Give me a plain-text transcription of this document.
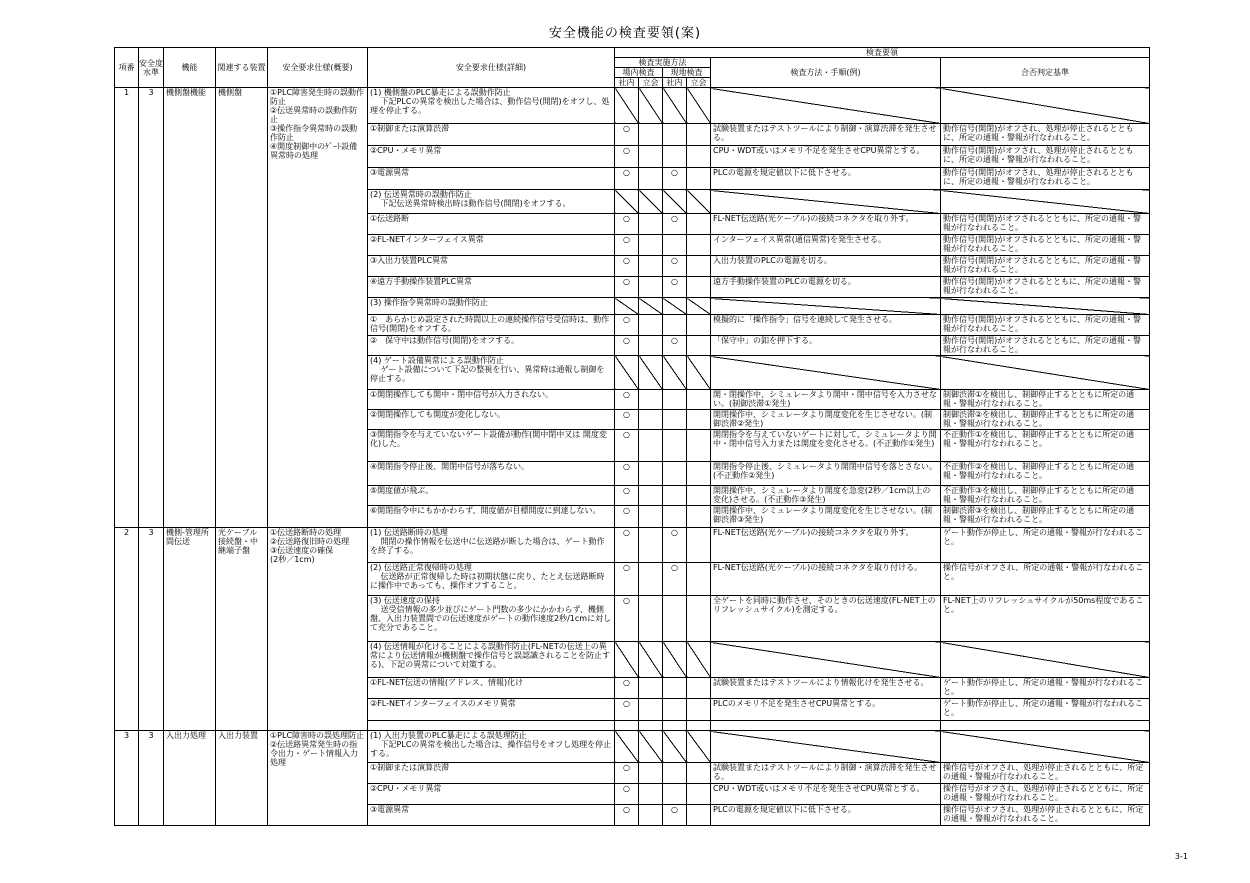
安全機能の検査要領(案)
項番	安全度水準	機能	関連する装置	安全要求仕様(概要)	安全要求仕様(詳細)	検査要領					
						検査実施方法				検査方法・手順(例)	合否判定基準
						場内検査		現地検査			
						社内	立会	社内	立会		
1	3	機側盤機能	機側盤	①PLC障害発生時の誤動作防止
②伝送異常時の誤動作防止
③操作指令異常時の誤動作防止
④開度制御中のｹﾞｰﾄ設備異常時の処理	(1) 機側盤のPLC暴走による誤動作防止
　 下記PLCの異常を検出した場合は、動作信号(開閉)をオフし、処理を停止する。						
					①制御または演算渋滞	○				試験装置またはテストツールにより制御・演算渋滞を発生させる。	動作信号(開閉)がオフされ、処理が停止されるとともに、所定の通報・警報が行なわれること。
					②CPU・メモリ異常	○				CPU・WDT或いはメモリ不足を発生させCPU異常とする。	動作信号(開閉)がオフされ、処理が停止されるとともに、所定の通報・警報が行なわれること。
					③電源異常	○		○		PLCの電源を規定値以下に低下させる。	動作信号(開閉)がオフされ、処理が停止されるとともに、所定の通報・警報が行なわれること。
					(2) 伝送異常時の誤動作防止
　 下記伝送異常時検出時は動作信号(開閉)をオフする。						
					①伝送路断	○		○		FL-NET伝送路(光ケーブル)の接続コネクタを取り外す。	動作信号(開閉)がオフされるとともに、所定の通報・警報が行なわれること。
					②FL-NETインターフェイス異常	○				インターフェイス異常(通信異常)を発生させる。	動作信号(開閉)がオフされるとともに、所定の通報・警報が行なわれること。
					③入出力装置PLC異常	○		○		入出力装置のPLCの電源を切る。	動作信号(開閉)がオフされるとともに、所定の通報・警報が行なわれること。
					④遠方手動操作装置PLC異常	○		○		遠方手動操作装置のPLCの電源を切る。	動作信号(開閉)がオフされるとともに、所定の通報・警報が行なわれること。
					(3) 操作指令異常時の誤動作防止						
					①　あらかじめ設定された時間以上の連続操作信号受信時は、動作信号(開閉)をオフする。	○				模擬的に「操作指令」信号を連続して発生させる。	動作信号(開閉)がオフされるとともに、所定の通報・警報が行なわれること。
					②　保守中は動作信号(開閉)をオフする。	○		○		「保守中」の釦を押下する。	動作信号(開閉)がオフされるとともに、所定の通報・警報が行なわれること。
					(4) ゲート設備異常による誤動作防止
　 ゲート設備について下記の整視を行い、異常時は通報し制御を停止する。						
					①開閉操作しても開中・閉中信号が入力されない。	○				開・閉操作中、シミュレータより開中・閉中信号を入力させない。(制御渋滞①発生)	制御渋滞①を検出し、制御停止するとともに所定の通報・警報が行なわれること。
					②開閉操作しても開度が変化しない。	○				開閉操作中、シミュレータより開度変化を生じさせない。(制御渋滞②発生)	制御渋滞②を検出し、制御停止するとともに所定の通報・警報が行なわれること。
					③開閉指令を与えていないゲート設備が動作(開中閉中又は 開度変化)した。	○				開閉指令を与えていないゲートに対して、シミュレータより開中・閉中信号入力または開度を変化させる。(不正動作①発生)	不正動作①を検出し、制御停止するとともに所定の通報・警報が行なわれること。
					④開閉指令停止後、開閉中信号が落ちない。	○				開閉指令停止後、シミュレータより開閉中信号を落とさない。(不正動作②発生)	不正動作②を検出し、制御停止するとともに所定の通報・警報が行なわれること。
					⑤開度値が飛ぶ。	○				開閉操作中、シミュレータより開度を急変(2秒／1cm以上の変化)させる。(不正動作③発生)	不正動作③を検出し、制御停止するとともに所定の通報・警報が行なわれること。
					⑥開閉指令中にもかかわらず、開度値が目標開度に到達しない。	○				開閉操作中、シミュレータより開度変化を生じさせない。(制御渋滞③発生)	制御渋滞③を検出し、制御停止するとともに所定の通報・警報が行なわれること。
2	3	機側-管理所間伝送	光ケーブル接続盤・中継端子盤	①伝送路断時の処理
②伝送路復旧時の処理
③伝送速度の確保
(2秒／1cm)	(1) 伝送路断時の処理
　 開閉の操作情報を伝送中に伝送路が断した場合は、ゲート動作を終了する。	○		○		FL-NET伝送路(光ケーブル)の接続コネクタを取り外す。	ゲート動作が停止し、所定の通報・警報が行なわれること。
					(2) 伝送路正常復帰時の処理
　 伝送路が正常復帰した時は初期状態に戻り、たとえ伝送路断時に操作中であっても、操作オフすること。	○		○		FL-NET伝送路(光ケーブル)の接続コネクタを取り付ける。	操作信号がオフされ、所定の通報・警報が行なわれること。
					(3) 伝送速度の保持
　 送受信情報の多少並びにゲート門数の多少にかかわらず、機側盤、入出力装置間での伝送速度がゲートの動作速度2秒/1cmに対して充分であること。	○				全ゲートを同時に動作させ、そのときの伝送速度(FL-NET上のリフレッシュサイクル)を測定する。	FL-NET上のリフレッシュサイクルが50ms程度であること。
					(4) 伝送情報が化けることによる誤動作防止(FL-NETの伝送上の異常により伝送情報が機側盤で操作信号と誤認識されることを防止する)、下記の異常について対策する。						
					①FL-NET伝送の情報(アドレス、情報)化け	○				試験装置またはテストツールにより情報化けを発生させる。	ゲート動作が停止し、所定の通報・警報が行なわれること。
					②FL-NETインターフェイスのメモリ異常	○				PLCのメモリ不足を発生させCPU異常とする。	ゲート動作が停止し、所定の通報・警報が行なわれること。

3	3	入出力処理	入出力装置	①PLC障害時の誤処理防止
②伝送路異常発生時の指令出力・ゲート情報入力処理	(1) 入出力装置のPLC暴走による誤処理防止
　 下記PLCの異常を検出した場合は、操作信号をオフし処理を停止する。						
					①制御または演算渋滞	○				試験装置またはテストツールにより制御・演算渋滞を発生させる。	操作信号がオフされ、処理が停止されるとともに、所定の通報・警報が行なわれること。
					②CPU・メモリ異常	○				CPU・WDT或いはメモリ不足を発生させCPU異常とする。	操作信号がオフされ、処理が停止されるとともに、所定の通報・警報が行なわれること。
					③電源異常	○		○		PLCの電源を規定値以下に低下させる。	操作信号がオフされ、処理が停止されるとともに、所定の通報・警報が行なわれること。
3-1
